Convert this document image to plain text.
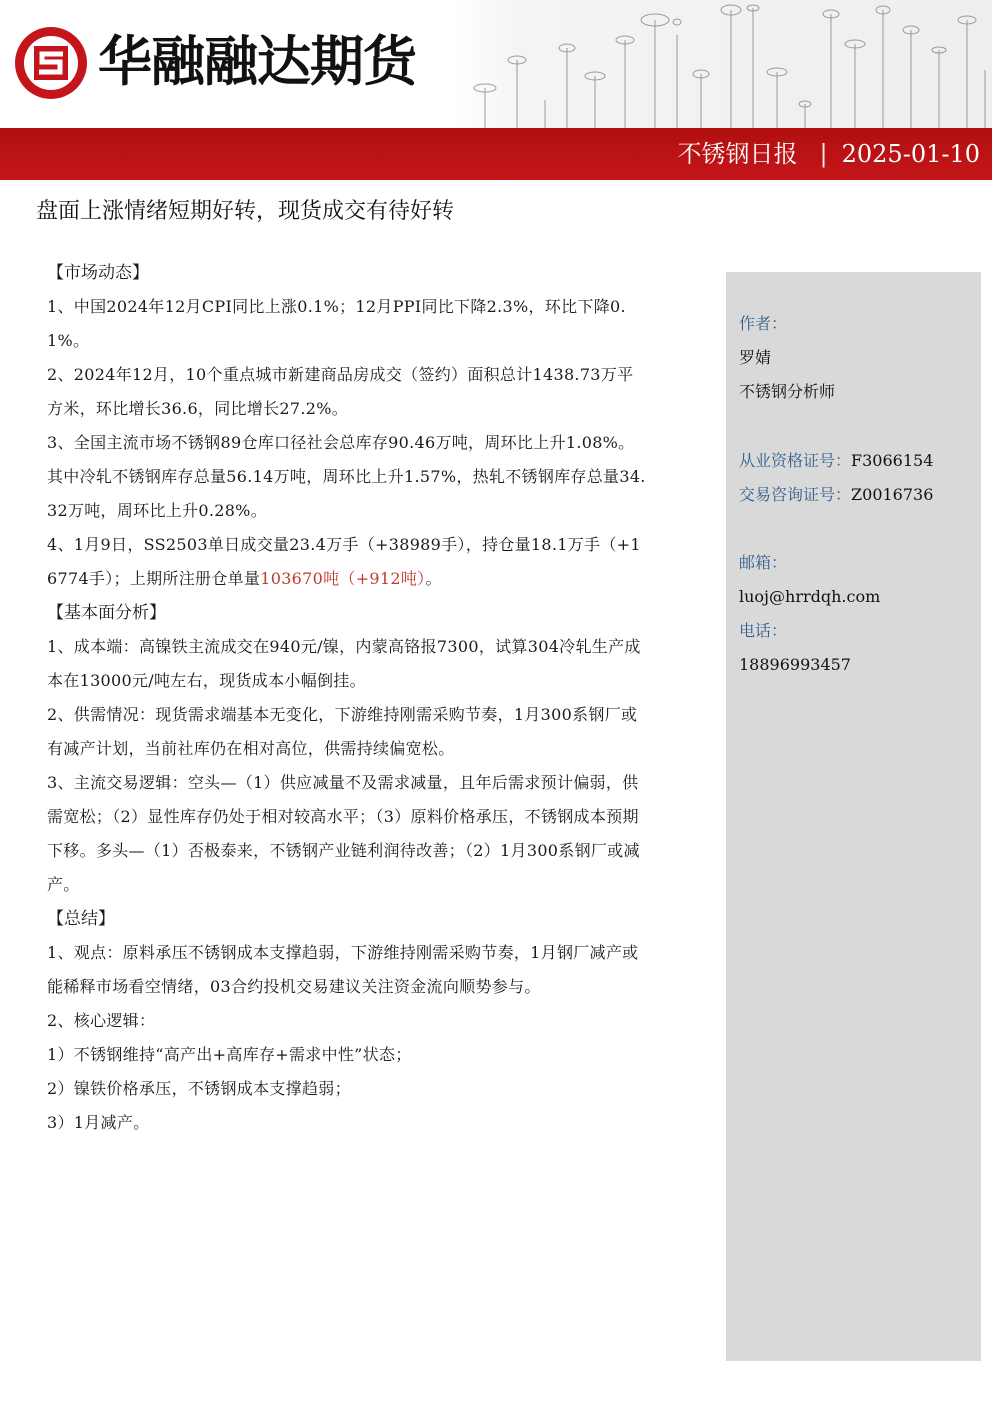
华融融达期货
不锈钢日报 | 2025-01-10
盘面上涨情绪短期好转，现货成交有待好转

【市场动态】

1、中国2024年12月CPI同比上涨0.1%；12月PPI同比下降2.3%，环比下降0.1%。

2、2024年12月，10个重点城市新建商品房成交（签约）面积总计1438.73万平方米，环比增长36.6，同比增长27.2%。

3、全国主流市场不锈钢89仓库口径社会总库存90.46万吨，周环比上升1.08%。其中冷轧不锈钢库存总量56.14万吨，周环比上升1.57%，热轧不锈钢库存总量34.32万吨，周环比上升0.28%。

4、1月9日，SS2503单日成交量23.4万手（+38989手），持仓量18.1万手（+16774手）；上期所注册仓单量103670吨（+912吨）。

【基本面分析】

1、成本端：高镍铁主流成交在940元/镍，内蒙高铬报7300，试算304冷轧生产成本在13000元/吨左右，现货成本小幅倒挂。

2、供需情况：现货需求端基本无变化，下游维持刚需采购节奏，1月300系钢厂或有减产计划，当前社库仍在相对高位，供需持续偏宽松。

3、主流交易逻辑：空头—（1）供应减量不及需求减量，且年后需求预计偏弱，供需宽松；（2）显性库存仍处于相对较高水平；（3）原料价格承压，不锈钢成本预期下移。多头—（1）否极泰来，不锈钢产业链利润待改善；（2）1月300系钢厂或减产。

【总结】

1、观点：原料承压不锈钢成本支撑趋弱，下游维持刚需采购节奏，1月钢厂减产或能稀释市场看空情绪，03合约投机交易建议关注资金流向顺势参与。

2、核心逻辑：

1）不锈钢维持“高产出+高库存+需求中性”状态；

2）镍铁价格承压，不锈钢成本支撑趋弱；

3）1月减产。

作者：
罗婧
不锈钢分析师
从业资格证号：F3066154
交易咨询证号：Z0016736
邮箱：
luoj@hrrdqh.com
电话：
18896993457
